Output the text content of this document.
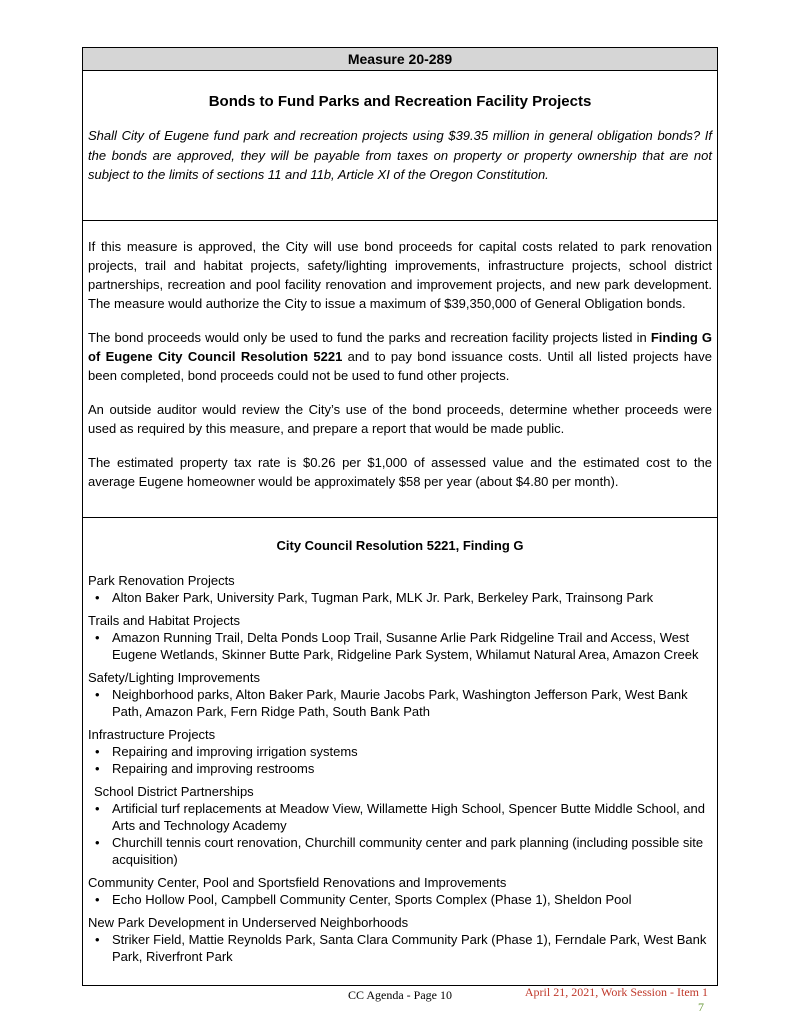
Measure 20-289
Bonds to Fund Parks and Recreation Facility Projects
Shall City of Eugene fund park and recreation projects using $39.35 million in general obligation bonds? If the bonds are approved, they will be payable from taxes on property or property ownership that are not subject to the limits of sections 11 and 11b, Article XI of the Oregon Constitution.

If this measure is approved, the City will use bond proceeds for capital costs related to park renovation projects, trail and habitat projects, safety/lighting improvements, infrastructure projects, school district partnerships, recreation and pool facility renovation and improvement projects, and new park development. The measure would authorize the City to issue a maximum of $39,350,000 of General Obligation bonds.

The bond proceeds would only be used to fund the parks and recreation facility projects listed in Finding G of Eugene City Council Resolution 5221 and to pay bond issuance costs. Until all listed projects have been completed, bond proceeds could not be used to fund other projects.

An outside auditor would review the City’s use of the bond proceeds, determine whether proceeds were used as required by this measure, and prepare a report that would be made public.

The estimated property tax rate is $0.26 per $1,000 of assessed value and the estimated cost to the average Eugene homeowner would be approximately $58 per year (about $4.80 per month).

City Council Resolution 5221, Finding G
Park Renovation Projects
• Alton Baker Park, University Park, Tugman Park, MLK Jr. Park, Berkeley Park, Trainsong Park
Trails and Habitat Projects
• Amazon Running Trail, Delta Ponds Loop Trail, Susanne Arlie Park Ridgeline Trail and Access, West Eugene Wetlands, Skinner Butte Park, Ridgeline Park System, Whilamut Natural Area, Amazon Creek
Safety/Lighting Improvements
• Neighborhood parks, Alton Baker Park, Maurie Jacobs Park, Washington Jefferson Park, West Bank Path, Amazon Park, Fern Ridge Path, South Bank Path
Infrastructure Projects
• Repairing and improving irrigation systems
• Repairing and improving restrooms
School District Partnerships
• Artificial turf replacements at Meadow View, Willamette High School, Spencer Butte Middle School, and Arts and Technology Academy
• Churchill tennis court renovation, Churchill community center and park planning (including possible site acquisition)
Community Center, Pool and Sportsfield Renovations and Improvements
• Echo Hollow Pool, Campbell Community Center, Sports Complex (Phase 1), Sheldon Pool
New Park Development in Underserved Neighborhoods
• Striker Field, Mattie Reynolds Park, Santa Clara Community Park (Phase 1), Ferndale Park, West Bank Park, Riverfront Park
CC Agenda - Page 10	April 21, 2021, Work Session - Item 1
7
